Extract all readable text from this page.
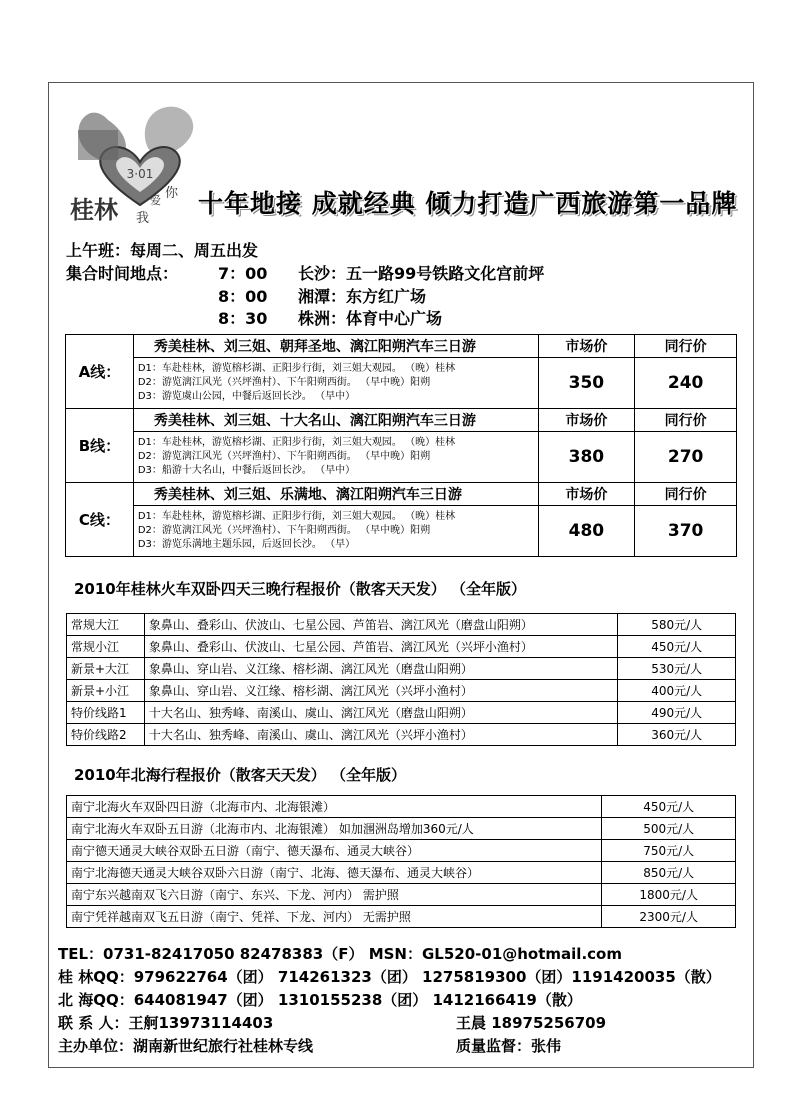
3·01
桂林 我
爱 你 十年地接 成就经典 倾力打造广西旅游第一品牌
上午班：每周二、周五出发
集合时间地点： 7：00 长沙：五一路99号铁路文化宫前坪
8：00 湘潭：东方红广场
8：30 株洲：体育中心广场
A线：	秀美桂林、刘三姐、朝拜圣地、漓江阳朔汽车三日游	市场价	同行价

	D1：车赴桂林，游览榕杉湖、正阳步行街，刘三姐大观园。 （晚）桂林
D2：游览漓江风光（兴坪渔村）、下午阳朔西街。 （早中晚）阳朔
D3：游览虞山公园，中餐后返回长沙。 （早中）	350	240
B线：	秀美桂林、刘三姐、十大名山、漓江阳朔汽车三日游	市场价	同行价

	D1：车赴桂林，游览榕杉湖、正阳步行街，刘三姐大观园。 （晚）桂林
D2：游览漓江风光（兴坪渔村）、下午阳朔西街。 （早中晚）阳朔
D3：船游十大名山，中餐后返回长沙。 （早中）	380	270
C线：	秀美桂林、刘三姐、乐满地、漓江阳朔汽车三日游	市场价	同行价

	D1：车赴桂林，游览榕杉湖、正阳步行街，刘三姐大观园。 （晚）桂林
D2：游览漓江风光（兴坪渔村）、下午阳朔西街。 （早中晚）阳朔
D3：游览乐满地主题乐园，后返回长沙。 （早）	480	370
2010年桂林火车双卧四天三晚行程报价（散客天天发） （全年版）
常规大江	象鼻山、叠彩山、伏波山、七星公园、芦笛岩、漓江风光（磨盘山阳朔）	580元/人
常规小江	象鼻山、叠彩山、伏波山、七星公园、芦笛岩、漓江风光（兴坪小渔村）	450元/人
新景+大江	象鼻山、穿山岩、义江缘、榕杉湖、漓江风光（磨盘山阳朔）	530元/人
新景+小江	象鼻山、穿山岩、义江缘、榕杉湖、漓江风光（兴坪小渔村）	400元/人
特价线路1	十大名山、独秀峰、南溪山、虞山、漓江风光（磨盘山阳朔）	490元/人
特价线路2	十大名山、独秀峰、南溪山、虞山、漓江风光（兴坪小渔村）	360元/人
2010年北海行程报价（散客天天发） （全年版）
南宁北海火车双卧四日游（北海市内、北海银滩）	450元/人
南宁北海火车双卧五日游（北海市内、北海银滩） 如加涠洲岛增加360元/人	500元/人
南宁德天通灵大峡谷双卧五日游（南宁、德天瀑布、通灵大峡谷）	750元/人
南宁北海德天通灵大峡谷双卧六日游（南宁、北海、德天瀑布、通灵大峡谷）	850元/人
南宁东兴越南双飞六日游（南宁、东兴、下龙、河内） 需护照	1800元/人
南宁凭祥越南双飞五日游（南宁、凭祥、下龙、河内） 无需护照	2300元/人
TEL：0731-82417050 82478383（F） MSN：GL520-01@hotmail.com
桂 林QQ：979622764（团） 714261323（团） 1275819300（团）1191420035（散）
北 海QQ：644081947（团） 1310155238（团） 1412166419（散）
联 系 人：王舸13973114403	王晨 18975256709
主办单位：湖南新世纪旅行社桂林专线	质量监督：张伟
